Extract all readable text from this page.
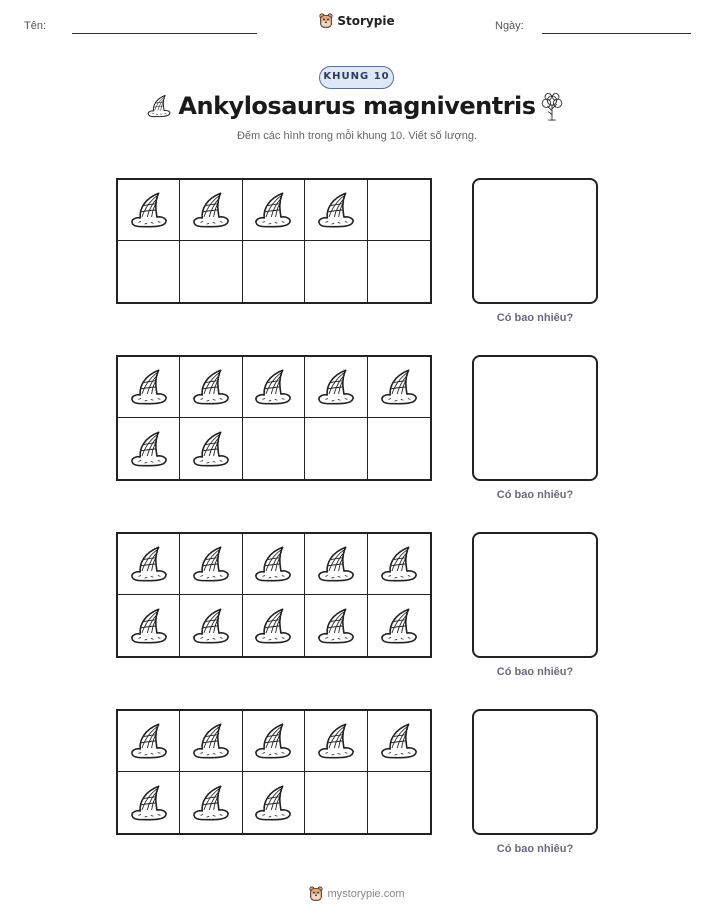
Tên:	Storypie	Ngày:
KHUNG 10
Ankylosaurus magniventris
Đếm các hình trong mỗi khung 10. Viết số lượng.
Có bao nhiêu?
Có bao nhiêu?
Có bao nhiêu?
Có bao nhiêu?
mystorypie.com
